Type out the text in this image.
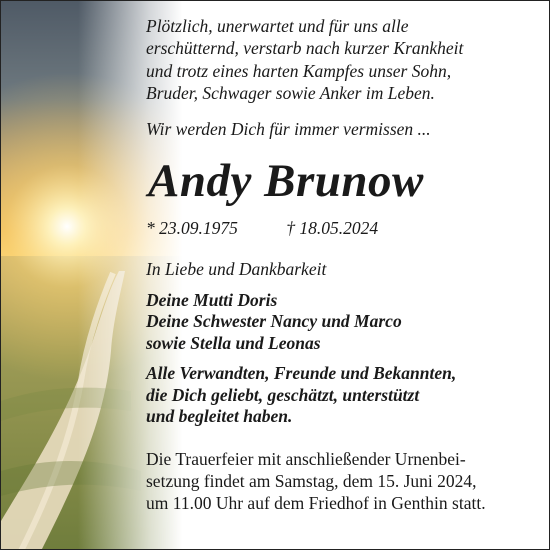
Plötzlich, unerwartet und für uns alle
erschütternd, verstarb nach kurzer Krankheit
und trotz eines harten Kampfes unser Sohn,
Bruder, Schwager sowie Anker im Leben.
Wir werden Dich für immer vermissen ...
Andy Brunow
* 23.09.1975	† 18.05.2024
In Liebe und Dankbarkeit
Deine Mutti Doris
Deine Schwester Nancy und Marco
sowie Stella und Leonas
Alle Verwandten, Freunde und Bekannten,
die Dich geliebt, geschätzt, unterstützt
und begleitet haben.
Die Trauerfeier mit anschließender Urnenbei-
setzung findet am Samstag, dem 15. Juni 2024,
um 11.00 Uhr auf dem Friedhof in Genthin statt.
